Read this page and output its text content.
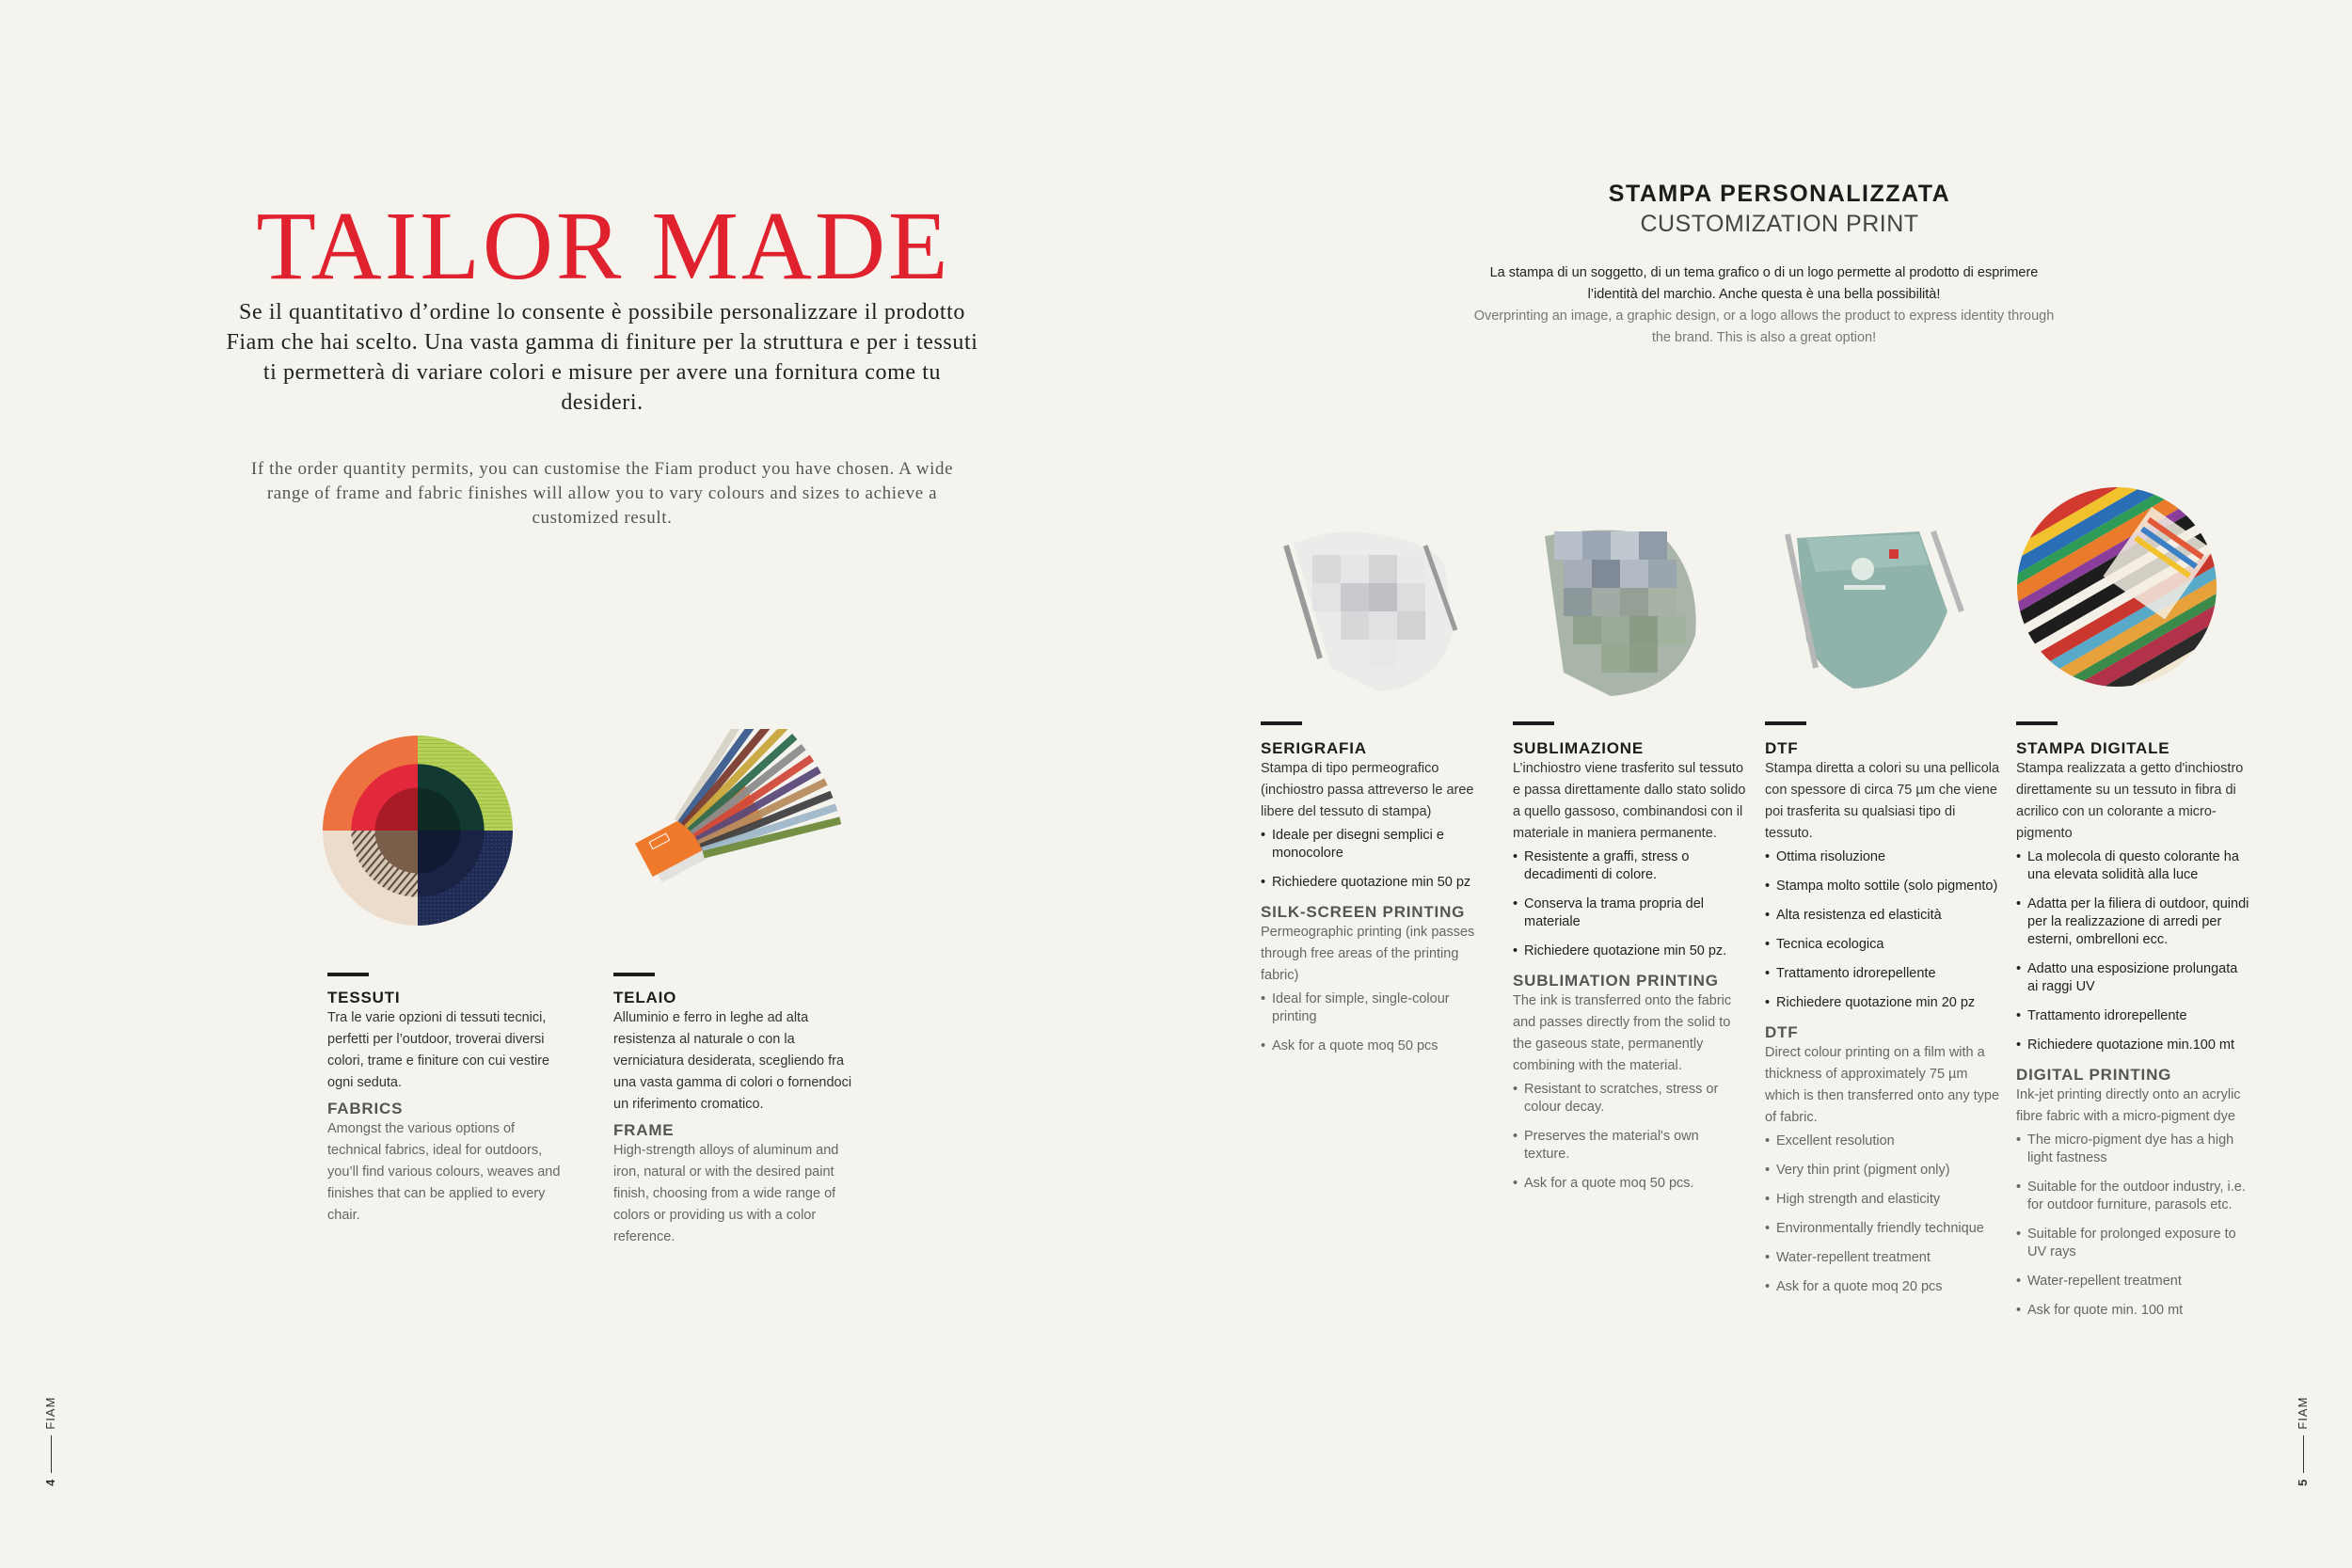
TAILOR MADE
Se il quantitativo d’ordine lo consente è possibile personalizzare il prodotto Fiam che hai scelto. Una vasta gamma di finiture per la struttura e per i tessuti ti permetterà di variare colori e misure per avere una fornitura come tu desideri.
If the order quantity permits, you can customise the Fiam product you have chosen. A wide range of frame and fabric finishes will allow you to vary colours and sizes to achieve a customized result.
TESSUTI
Tra le varie opzioni di tessuti tecnici, perfetti per l’outdoor, troverai diversi colori, trame e finiture con cui vestire ogni seduta.
FABRICS
Amongst the various options of technical fabrics, ideal for outdoors, you’ll find various colours, weaves and finishes that can be applied to every chair.
TELAIO
Alluminio e ferro in leghe ad alta resistenza al naturale o con la verniciatura desiderata, scegliendo fra una vasta gamma di colori o fornendoci un riferimento cromatico.
FRAME
High-strength alloys of aluminum and iron, natural or with the desired paint finish, choosing from a wide range of colors or providing us with a color reference.
4FIAM
STAMPA PERSONALIZZATA
CUSTOMIZATION PRINT
La stampa di un soggetto, di un tema grafico o di un logo permette al prodotto di esprimere l’identità del marchio. Anche questa è una bella possibilità!
Overprinting an image, a graphic design, or a logo allows the product to express identity through the brand. This is also a great option!
SERIGRAFIA
Stampa di tipo permeografico (inchiostro passa attreverso le aree libere del tessuto di stampa)
• Ideale per disegni semplici e monocolore
• Richiedere quotazione min 50 pz
SILK-SCREEN PRINTING
Permeographic printing (ink passes through free areas of the printing fabric)
• Ideal for simple, single-colour printing
• Ask for a quote moq 50 pcs
SUBLIMAZIONE
L’inchiostro viene trasferito sul tessuto e passa direttamente dallo stato solido a quello gassoso, combinandosi con il materiale in maniera permanente.
• Resistente a graffi, stress o decadimenti di colore.
• Conserva la trama propria del materiale
• Richiedere quotazione min 50 pz.
SUBLIMATION PRINTING
The ink is transferred onto the fabric and passes directly from the solid to the gaseous state, permanently combining with the material.
• Resistant to scratches, stress or colour decay.
• Preserves the material's own texture.
• Ask for a quote moq 50 pcs.
DTF
Stampa diretta a colori su una pellicola con spessore di circa 75 µm che viene poi trasferita su qualsiasi tipo di tessuto.
• Ottima risoluzione
• Stampa molto sottile (solo pigmento)
• Alta resistenza ed elasticità
• Tecnica ecologica
• Trattamento idrorepellente
• Richiedere quotazione min 20 pz
DTF
Direct colour printing on a film with a thickness of approximately 75 µm which is then transferred onto any type of fabric.
• Excellent resolution
• Very thin print (pigment only)
• High strength and elasticity
• Environmentally friendly technique
• Water-repellent treatment
• Ask for a quote moq 20 pcs
STAMPA DIGITALE
Stampa realizzata a getto d'inchiostro direttamente su un tessuto in fibra di acrilico con un colorante a micro-pigmento
• La molecola di questo colorante ha una elevata solidità alla luce
• Adatta per la filiera di outdoor, quindi per la realizzazione di arredi per esterni, ombrelloni ecc.
• Adatto una esposizione prolungata ai raggi UV
• Trattamento idrorepellente
• Richiedere quotazione min.100 mt
DIGITAL PRINTING
Ink-jet printing directly onto an acrylic fibre fabric with a micro-pigment dye
• The micro-pigment dye has a high light fastness
• Suitable for the outdoor industry, i.e. for outdoor furniture, parasols etc.
• Suitable for prolonged exposure to UV rays
• Water-repellent treatment
• Ask for quote min. 100 mt
5FIAM
